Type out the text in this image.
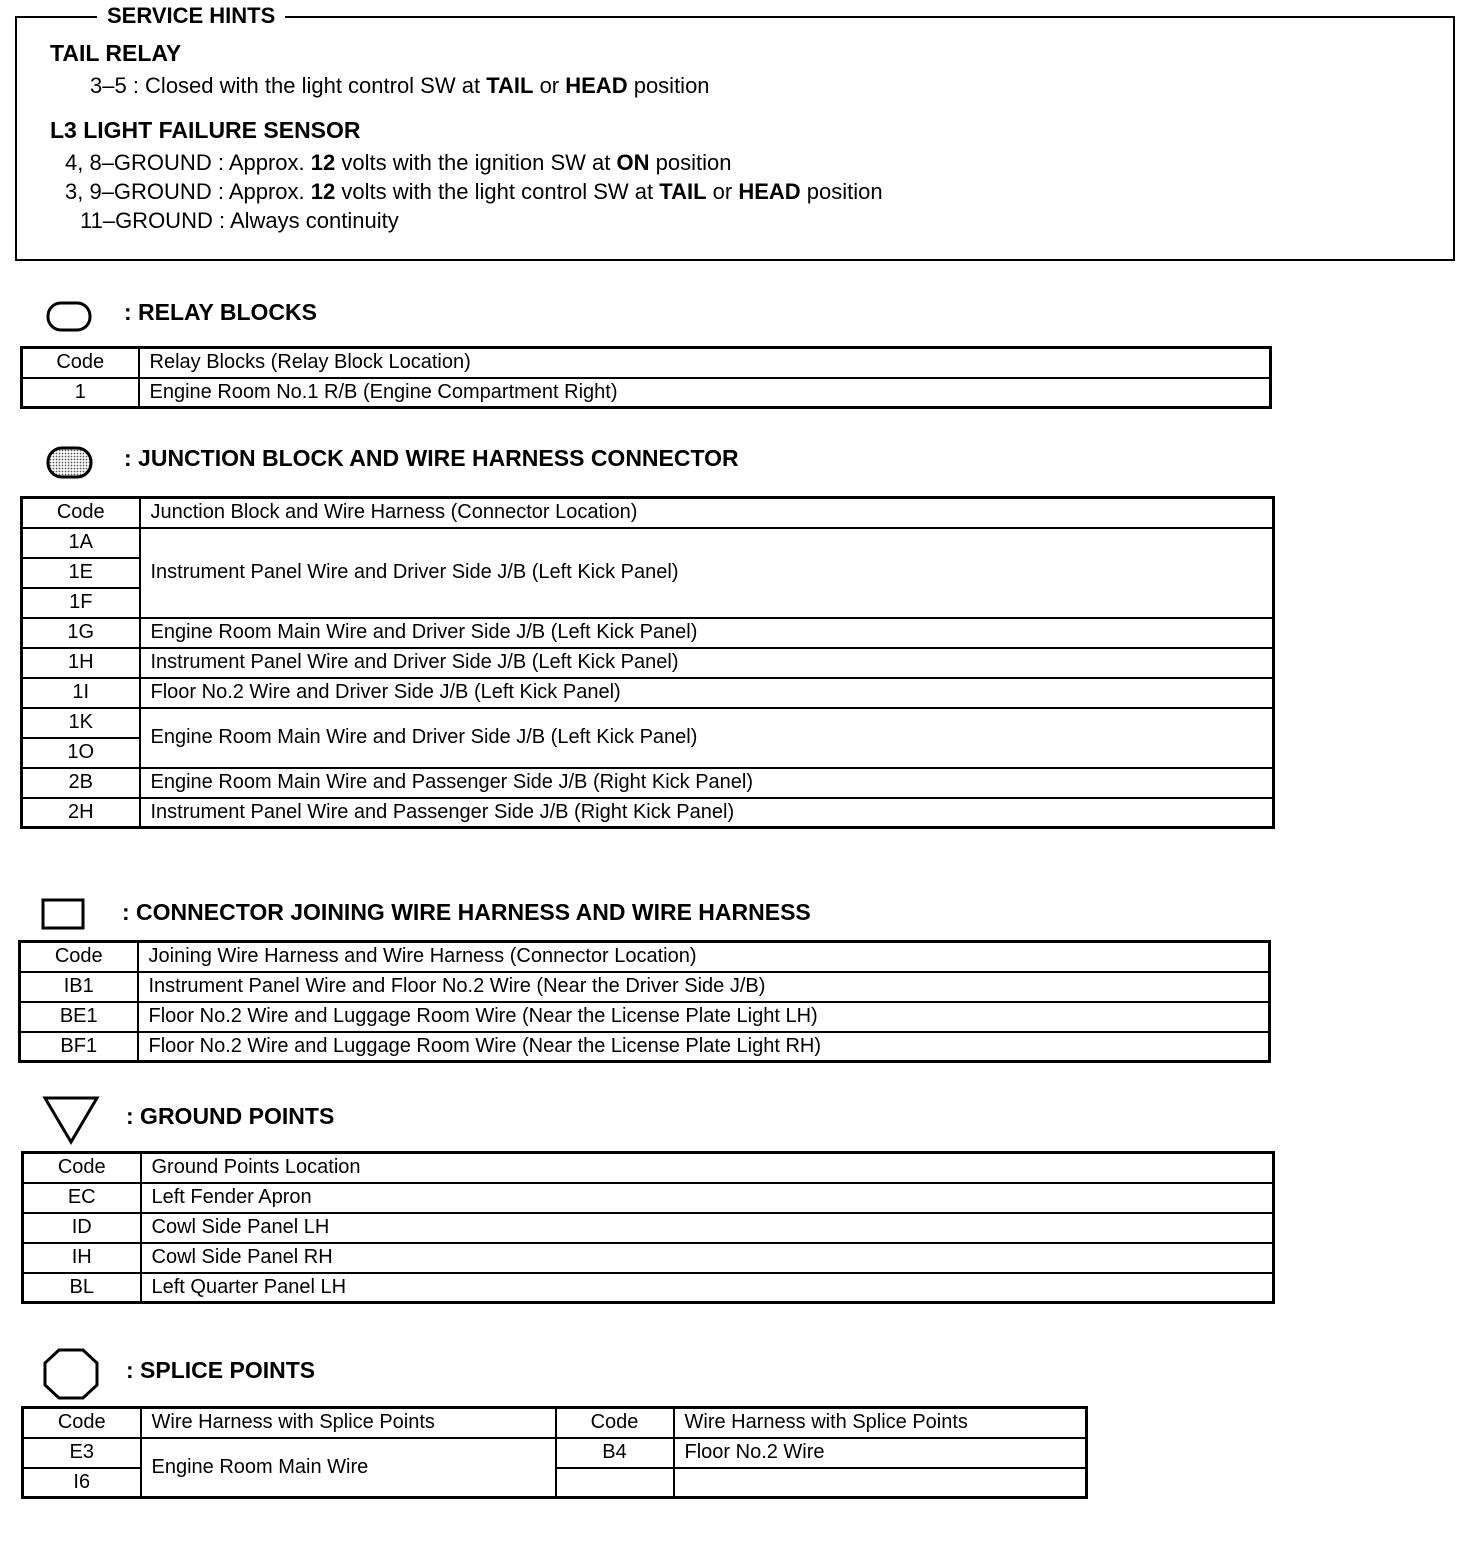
SERVICE HINTS
TAIL RELAY
3–5 : Closed with the light control SW at TAIL or HEAD position
L3 LIGHT FAILURE SENSOR
4, 8–GROUND : Approx. 12 volts with the ignition SW at ON position
3, 9–GROUND : Approx. 12 volts with the light control SW at TAIL or HEAD position
11–GROUND : Always continuity
: RELAY BLOCKS
Code	Relay Blocks (Relay Block Location)
1	Engine Room No.1 R/B (Engine Compartment Right)
: JUNCTION BLOCK AND WIRE HARNESS CONNECTOR
Code	Junction Block and Wire Harness (Connector Location)
1A	Instrument Panel Wire and Driver Side J/B (Left Kick Panel)
1E	
1F	
1G	Engine Room Main Wire and Driver Side J/B (Left Kick Panel)
1H	Instrument Panel Wire and Driver Side J/B (Left Kick Panel)
1I	Floor No.2 Wire and Driver Side J/B (Left Kick Panel)
1K	Engine Room Main Wire and Driver Side J/B (Left Kick Panel)
1O	
2B	Engine Room Main Wire and Passenger Side J/B (Right Kick Panel)
2H	Instrument Panel Wire and Passenger Side J/B (Right Kick Panel)
: CONNECTOR JOINING WIRE HARNESS AND WIRE HARNESS
Code	Joining Wire Harness and Wire Harness (Connector Location)
IB1	Instrument Panel Wire and Floor No.2 Wire (Near the Driver Side J/B)
BE1	Floor No.2 Wire and Luggage Room Wire (Near the License Plate Light LH)
BF1	Floor No.2 Wire and Luggage Room Wire (Near the License Plate Light RH)
: GROUND POINTS
Code	Ground Points Location
EC	Left Fender Apron
ID	Cowl Side Panel LH
IH	Cowl Side Panel RH
BL	Left Quarter Panel LH
: SPLICE POINTS
Code	Wire Harness with Splice Points	Code	Wire Harness with Splice Points
E3	Engine Room Main Wire	B4	Floor No.2 Wire
I6			
